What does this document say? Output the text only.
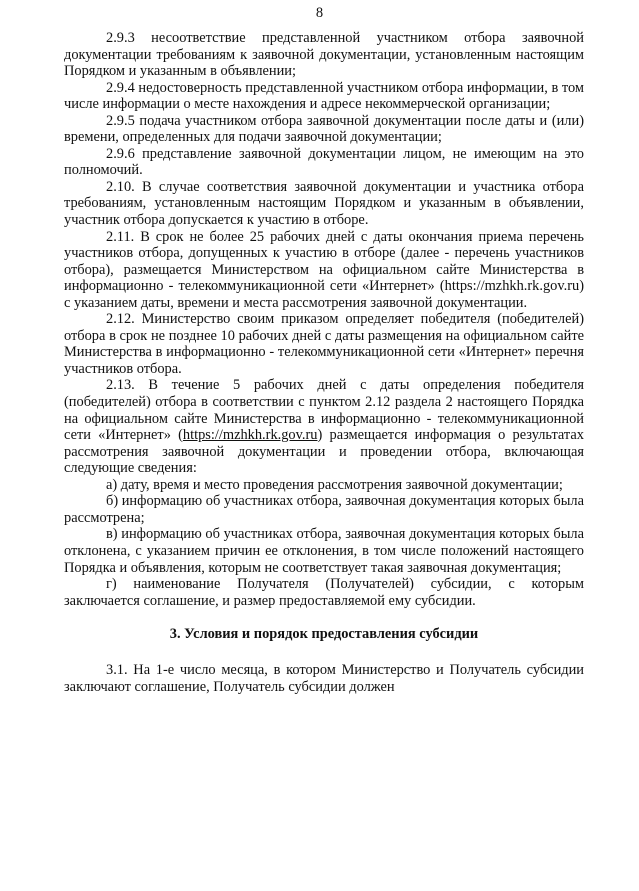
8

2.9.3 несоответствие представленной участником отбора заявочной документации требованиям к заявочной документации, установленным настоящим Порядком и указанным в объявлении;

2.9.4 недостоверность представленной участником отбора информации, в том числе информации о месте нахождения и адресе некоммерческой организации;

2.9.5 подача участником отбора заявочной документации после даты и (или) времени, определенных для подачи заявочной документации;

2.9.6 представление заявочной документации лицом, не имеющим на это полномочий.

2.10. В случае соответствия заявочной документации и участника отбора требованиям, установленным настоящим Порядком и указанным в объявлении, участник отбора допускается к участию в отборе.

2.11. В срок не более 25 рабочих дней с даты окончания приема перечень участников отбора, допущенных к участию в отборе (далее - перечень участников отбора), размещается Министерством на официальном сайте Министерства в информационно - телекоммуникационной сети «Интернет» (https://mzhkh.rk.gov.ru) с указанием даты, времени и места рассмотрения заявочной документации.

2.12. Министерство своим приказом определяет победителя (победителей) отбора в срок не позднее 10 рабочих дней с даты размещения на официальном сайте Министерства в информационно - телекоммуникационной сети «Интернет» перечня участников отбора.

2.13. В течение 5 рабочих дней с даты определения победителя (победителей) отбора в соответствии с пунктом 2.12 раздела 2 настоящего Порядка на официальном сайте Министерства в информационно - телекоммуникационной сети «Интернет» (https://mzhkh.rk.gov.ru) размещается информация о результатах рассмотрения заявочной документации и проведении отбора, включающая следующие сведения:

а) дату, время и место проведения рассмотрения заявочной документации;

б) информацию об участниках отбора, заявочная документация которых была рассмотрена;

в) информацию об участниках отбора, заявочная документация которых была отклонена, с указанием причин ее отклонения, в том числе положений настоящего Порядка и объявления, которым не соответствует такая заявочная документация;

г) наименование Получателя (Получателей) субсидии, с которым заключается соглашение, и размер предоставляемой ему субсидии.

3. Условия и порядок предоставления субсидии

3.1. На 1-е число месяца, в котором Министерство и Получатель субсидии заключают соглашение, Получатель субсидии должен
